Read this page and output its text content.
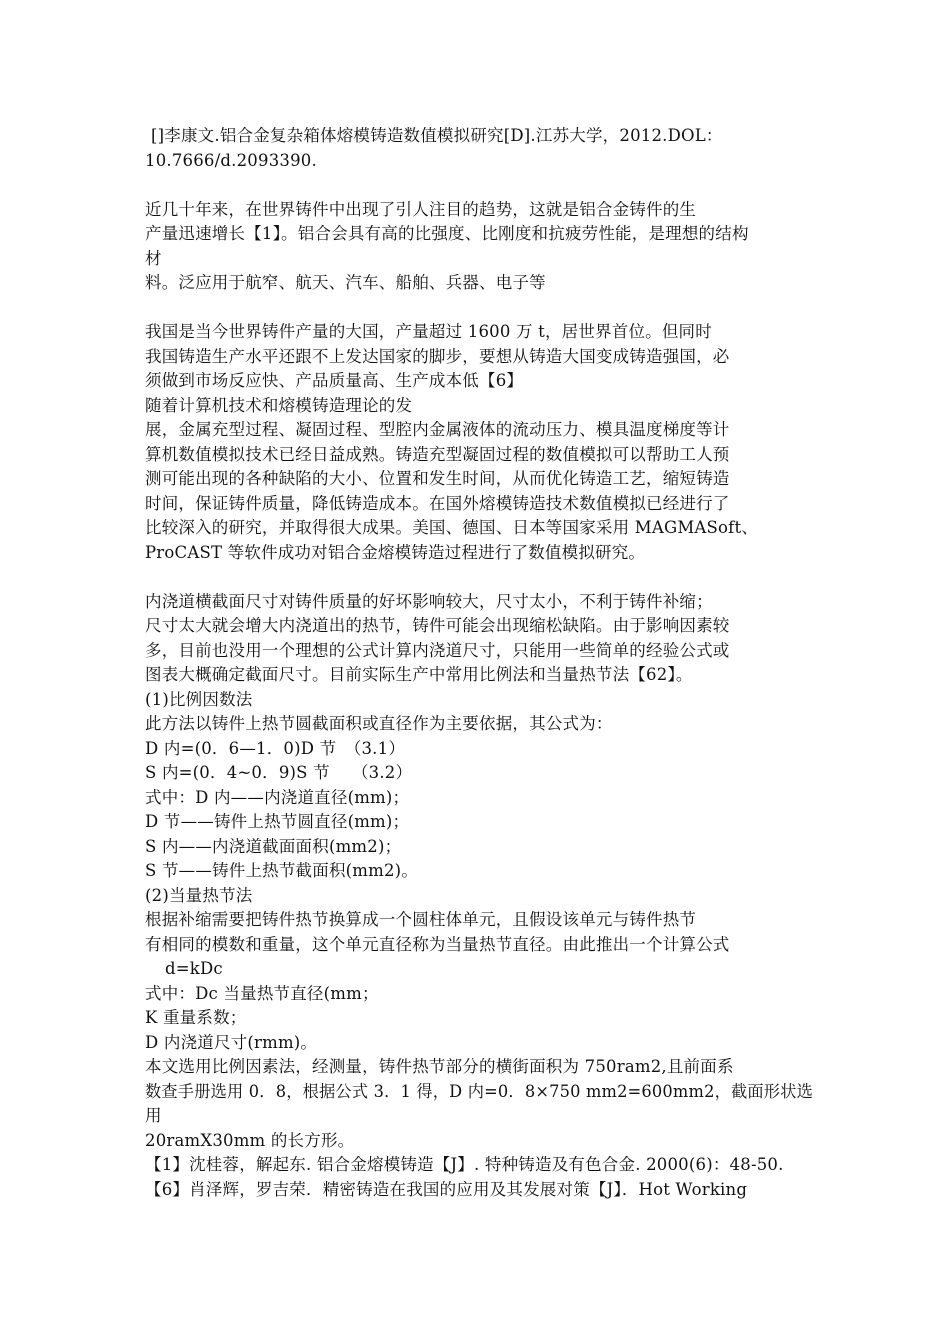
[]李康文.铝合金复杂箱体熔模铸造数值模拟研究[D].江苏大学，2012.DOL：
10.7666/d.2093390.
近几十年来，在世界铸件中出现了引人注目的趋势，这就是铝合金铸件的生
产量迅速增长【1】。铝合会具有高的比强度、比刚度和抗疲劳性能，是理想的结构
材
料。泛应用于航窄、航天、汽车、船舶、兵器、电子等
我国是当今世界铸件产量的大国，产量超过 1600 万 t，居世界首位。但同时
我国铸造生产水平还跟不上发达国家的脚步，要想从铸造大国变成铸造强国，必
须做到市场反应快、产品质量高、生产成本低【6】
随着计算机技术和熔模铸造理论的发
展，金属充型过程、凝固过程、型腔内金属液体的流动压力、模具温度梯度等计
算机数值模拟技术已经日益成熟。铸造充型凝固过程的数值模拟可以帮助工人预
测可能出现的各种缺陷的大小、位置和发生时间，从而优化铸造工艺，缩短铸造
时间，保证铸件质量，降低铸造成本。在国外熔模铸造技术数值模拟已经进行了
比较深入的研究，并取得很大成果。美国、德国、日本等国家采用 MAGMASoft、
ProCAST 等软件成功对铝合金熔模铸造过程进行了数值模拟研究。
内浇道横截面尺寸对铸件质量的好坏影响较大，尺寸太小，不利于铸件补缩；
尺寸太大就会增大内浇道出的热节，铸件可能会出现缩松缺陷。由于影响因素较
多，目前也没用一个理想的公式计算内浇道尺寸，只能用一些简单的经验公式或
图表大概确定截面尺寸。目前实际生产中常用比例法和当量热节法【62】。
(1)比例因数法
此方法以铸件上热节圆截面积或直径作为主要依据，其公式为：
D 内=(0．6—1．0)D 节　（3.1）
S 内=(0．4~0．9)S 节　 （3.2）
式中：D 内——内浇道直径(mm)；
D 节——铸件上热节圆直径(mm)；
S 内——内浇道截面面积(mm2)；
S 节——铸件上热节截面积(mm2)。
(2)当量热节法
根据补缩需要把铸件热节换算成一个圆柱体单元，且假设该单元与铸件热节
有相同的模数和重量，这个单元直径称为当量热节直径。由此推出一个计算公式
d=kDc
式中：Dc 当量热节直径(mm；
K 重量系数；
D 内浇道尺寸(rmm)。
本文选用比例因素法，经测量，铸件热节部分的横街面积为 750ram2,且前面系
数查手册选用 0．8，根据公式 3．1 得，D 内=0．8×750 mm2=600mm2，截面形状选
用
20ramX30mm 的长方形。
【1】沈桂蓉，解起东. 铝合金熔模铸造【J】. 特种铸造及有色合金. 2000(6)：48-50.
【6】肖泽辉，罗吉荣．精密铸造在我国的应用及其发展对策【J】．Hot Working
